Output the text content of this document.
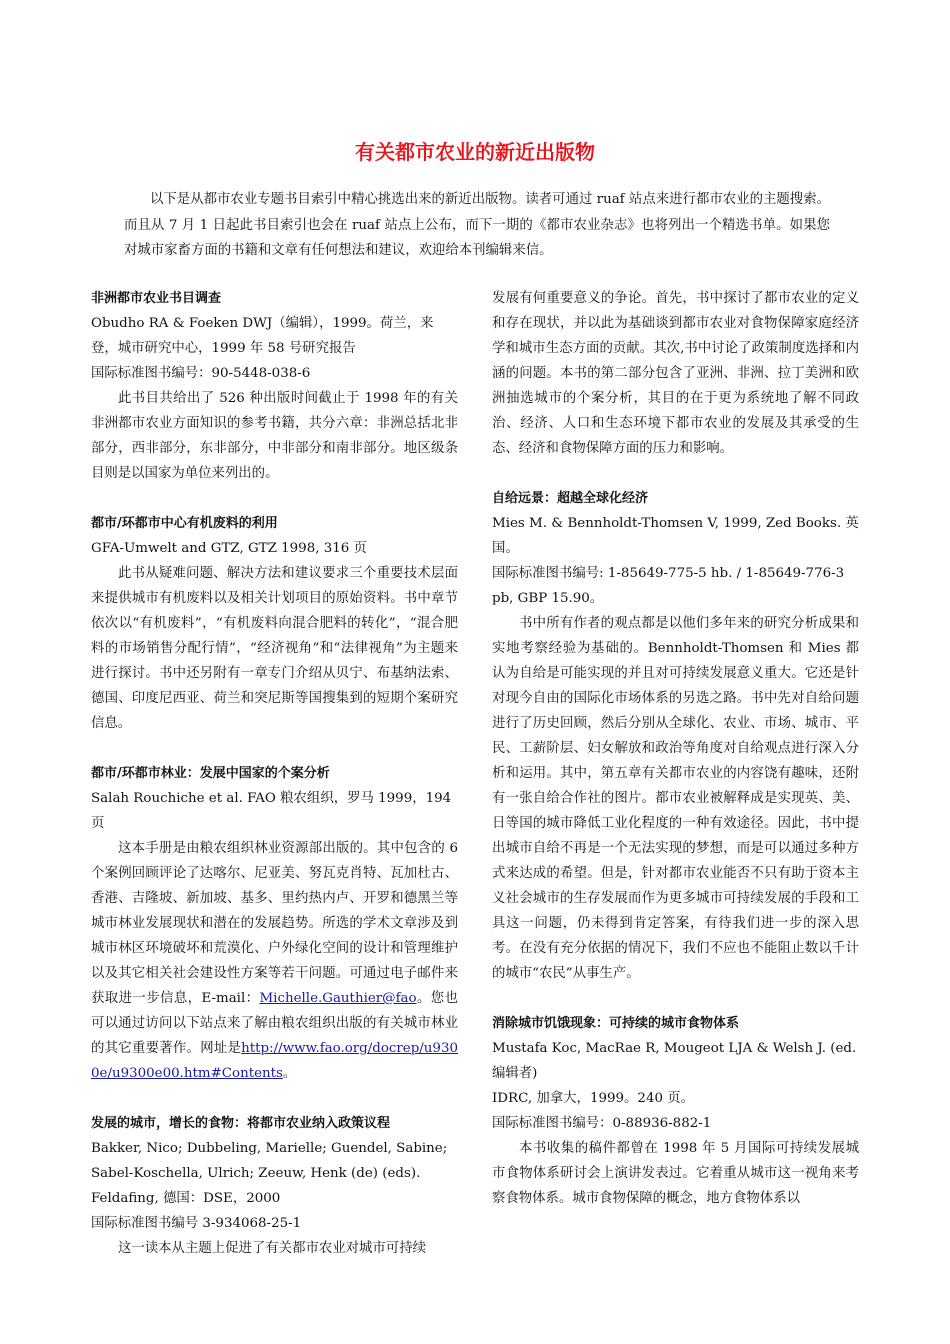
有关都市农业的新近出版物

以下是从都市农业专题书目索引中精心挑选出来的新近出版物。读者可通过 ruaf 站点来进行都市农业的主题搜索。而且从 7 月 1 日起此书目索引也会在 ruaf 站点上公布，而下一期的《都市农业杂志》也将列出一个精选书单。如果您对城市家畜方面的书籍和文章有任何想法和建议，欢迎给本刊编辑来信。

非洲都市农业书目调查

Obudho RA & Foeken DWJ（编辑），1999。荷兰，来登，城市研究中心，1999 年 58 号研究报告

国际标准图书编号：90-5448-038-6

此书目共给出了 526 种出版时间截止于 1998 年的有关非洲都市农业方面知识的参考书籍，共分六章：非洲总括北非部分，西非部分，东非部分，中非部分和南非部分。地区级条目则是以国家为单位来列出的。

都市/环都市中心有机废料的利用

GFA-Umwelt and GTZ, GTZ 1998, 316 页

此书从疑难问题、解决方法和建议要求三个重要技术层面来提供城市有机废料以及相关计划项目的原始资料。书中章节依次以“有机废料”，“有机废料向混合肥料的转化”，“混合肥料的市场销售分配行情”，“经济视角”和“法律视角”为主题来进行探讨。书中还另附有一章专门介绍从贝宁、布基纳法索、德国、印度尼西亚、荷兰和突尼斯等国搜集到的短期个案研究信息。

都市/环都市林业：发展中国家的个案分析

Salah Rouchiche et al. FAO 粮农组织，罗马 1999，194 页

这本手册是由粮农组织林业资源部出版的。其中包含的 6 个案例回顾评论了达喀尔、尼亚美、努瓦克肖特、瓦加杜古、香港、吉隆坡、新加坡、基多、里约热内卢、开罗和德黑兰等城市林业发展现状和潜在的发展趋势。所选的学术文章涉及到城市林区环境破坏和荒漠化、户外绿化空间的设计和管理维护以及其它相关社会建设性方案等若干问题。可通过电子邮件来获取进一步信息，E-mail：Michelle.Gauthier@fao。您也可以通过访问以下站点来了解由粮农组织出版的有关城市林业的其它重要著作。网址是http://www.fao.org/docrep/u9300e/u9300e00.htm#Contents。

发展的城市，增长的食物：将都市农业纳入政策议程

Bakker, Nico; Dubbeling, Marielle; Guendel, Sabine; Sabel-Koschella, Ulrich; Zeeuw, Henk (de) (eds). Feldafing, 德国：DSE，2000

国际标准图书编号 3-934068-25-1

这一读本从主题上促进了有关都市农业对城市可持续

发展有何重要意义的争论。首先，书中探讨了都市农业的定义和存在现状，并以此为基础谈到都市农业对食物保障家庭经济学和城市生态方面的贡献。其次,书中讨论了政策制度选择和内涵的问题。本书的第二部分包含了亚洲、非洲、拉丁美洲和欧洲抽选城市的个案分析，其目的在于更为系统地了解不同政治、经济、人口和生态环境下都市农业的发展及其承受的生态、经济和食物保障方面的压力和影响。

自给远景：超越全球化经济

Mies M. & Bennholdt-Thomsen V, 1999, Zed Books. 英国。

国际标准图书编号: 1-85649-775-5 hb. / 1-85649-776-3 pb, GBP 15.90。

书中所有作者的观点都是以他们多年来的研究分析成果和实地考察经验为基础的。Bennholdt-Thomsen 和 Mies 都认为自给是可能实现的并且对可持续发展意义重大。它还是针对现今自由的国际化市场体系的另选之路。书中先对自给问题进行了历史回顾，然后分别从全球化、农业、市场、城市、平民、工薪阶层、妇女解放和政治等角度对自给观点进行深入分析和运用。其中，第五章有关都市农业的内容饶有趣味，还附有一张自给合作社的图片。都市农业被解释成是实现英、美、日等国的城市降低工业化程度的一种有效途径。因此，书中提出城市自给不再是一个无法实现的梦想，而是可以通过多种方式来达成的希望。但是，针对都市农业能否不只有助于资本主义社会城市的生存发展而作为更多城市可持续发展的手段和工具这一问题，仍未得到肯定答案，有待我们进一步的深入思考。在没有充分依据的情况下，我们不应也不能阻止数以千计的城市“农民”从事生产。

消除城市饥饿现象：可持续的城市食物体系

Mustafa Koc, MacRae R, Mougeot LJA & Welsh J. (ed.编辑者)

IDRC, 加拿大，1999。240 页。

国际标准图书编号：0-88936-882-1

本书收集的稿件都曾在 1998 年 5 月国际可持续发展城市食物体系研讨会上演讲发表过。它着重从城市这一视角来考察食物体系。城市食物保障的概念，地方食物体系以
